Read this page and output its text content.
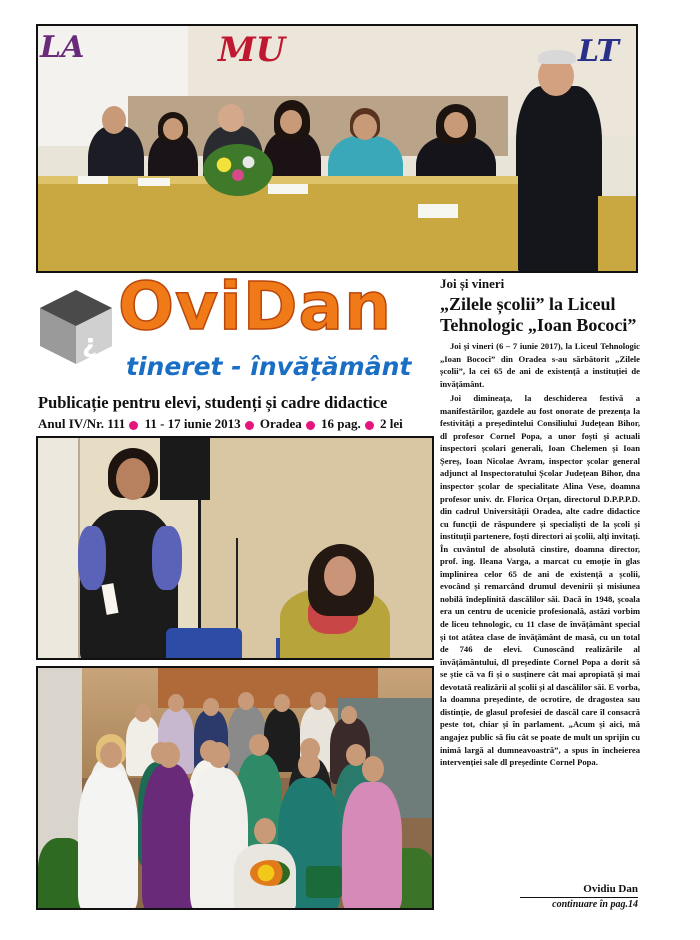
LA	MU	LT
¿ OviDan
tineret - învățământ
Publicație pentru elevi, studenți și cadre didactice
Anul IV/Nr. 111 11 - 17 iunie 2013 Oradea 16 pag. 2 lei
Joi și vineri
„Zilele școlii” la Liceul Tehnologic „Ioan Bococi”

Joi și vineri (6 – 7 iunie 2017), la Liceul Tehnologic „Ioan Bococi” din Oradea s-au sărbătorit „Zilele școlii”, la cei 65 de ani de existență a instituției de învățământ.

Joi dimineața, la deschiderea festivă a manifestărilor, gazdele au fost onorate de prezența la festivități a președintelui Consiliului Județean Bihor, dl profesor Cornel Popa, a unor foști și actuali inspectori școlari generali, Ioan Chelemen și Ioan Șereș, Ioan Nicolae Avram, inspector școlar general adjunct al Inspectoratului Școlar Județean Bihor, dna inspector școlar de specialitate Alina Vese, doamna profesor univ. dr. Florica Orțan, directorul D.P.P.P.D. din cadrul Universității Oradea, alte cadre didactice cu funcții de răspundere și specialiști de la școli și instituții partenere, foști directori ai școlii, alți invitați. În cuvântul de absolută cinstire, doamna director, prof. ing. Ileana Varga, a marcat cu emoție în glas împlinirea celor 65 de ani de existență a școlii, evocând și remarcând drumul devenirii și misiunea nobilă îndeplinită dascălilor săi. Dacă în 1948, școala era un centru de ucenicie profesională, astăzi vorbim de liceu tehnologic, cu 11 clase de învățământ special și tot atâtea clase de învățământ de masă, cu un total de 746 de elevi. Cunoscând realizările al învățământului, dl președinte Cornel Popa a dorit să se știe că va fi și o susținere cât mai apropiată și mai devotată realizării al școlii și al dascălilor săi. E vorba, la doamna președinte, de ocrotire, de dragostea sau distinție, de glasul profesiei de dascăl care îl consacră peste tot, chiar și în parlament. „Acum și aici, mă angajez public să fiu cât se poate de mult un sprijin cu inimă largă al dumneavoastră”, a spus în încheierea intervenției sale dl președinte Cornel Popa.

Ovidiu Dan
continuare în pag.14
